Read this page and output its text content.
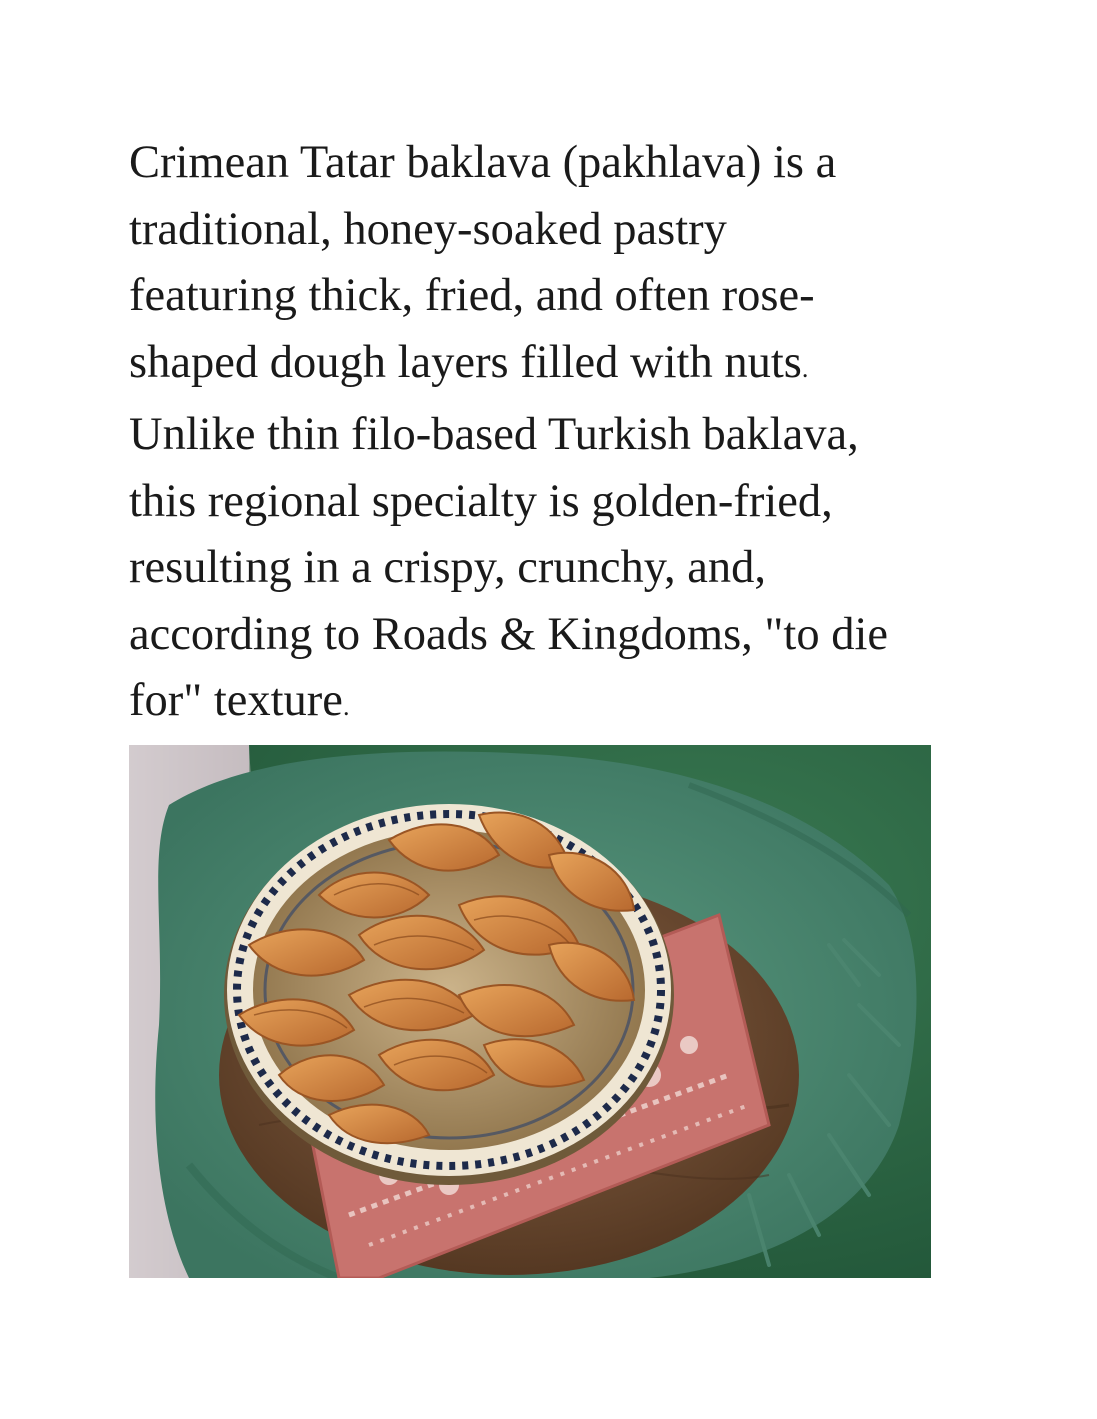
Crimean Tatar baklava (pakhlava) is a
traditional, honey-soaked pastry
featuring thick, fried, and often rose-
shaped dough layers filled with nuts.
Unlike thin filo-based Turkish baklava,
this regional specialty is golden-fried,
resulting in a crispy, crunchy, and,
according to Roads & Kingdoms, "to die
for" texture.
